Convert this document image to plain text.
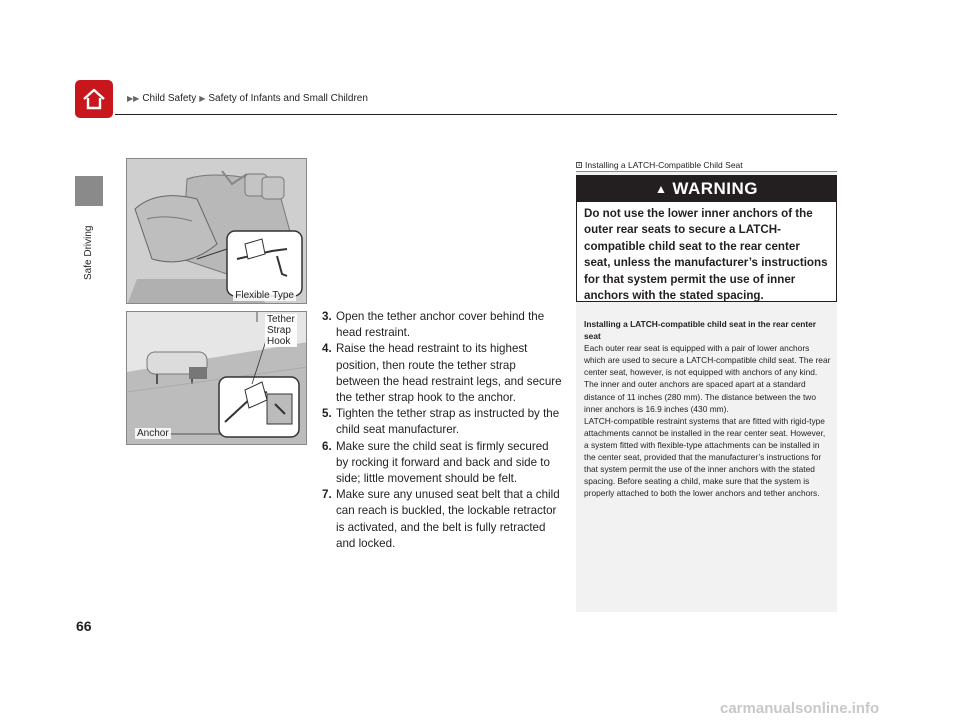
▶▶ Child Safety ▶ Safety of Infants and Small Children
Safe Driving
Flexible Type
Tether
Strap
Hook
Anchor
3. Open the tether anchor cover behind the head restraint.
4. Raise the head restraint to its highest position, then route the tether strap between the head restraint legs, and secure the tether strap hook to the anchor.
5. Tighten the tether strap as instructed by the child seat manufacturer.
6. Make sure the child seat is firmly secured by rocking it forward and back and side to side; little movement should be felt.
7. Make sure any unused seat belt that a child can reach is buckled, the lockable retractor is activated, and the belt is fully retracted and locked.
1 Installing a LATCH-Compatible Child Seat
▲ WARNING
Do not use the lower inner anchors of the outer rear seats to secure a LATCH-compatible child seat to the rear center seat, unless the manufacturer’s instructions for that system permit the use of inner anchors with the stated spacing.
Installing a LATCH-compatible child seat in the rear center seat
Each outer rear seat is equipped with a pair of lower anchors which are used to secure a LATCH-compatible child seat. The rear center seat, however, is not equipped with anchors of any kind. The inner and outer anchors are spaced apart at a standard distance of 11 inches (280 mm). The distance between the two inner anchors is 16.9 inches (430 mm).
LATCH-compatible restraint systems that are fitted with rigid-type attachments cannot be installed in the rear center seat. However, a system fitted with flexible-type attachments can be installed in the center seat, provided that the manufacturer’s instructions for that system permit the use of the inner anchors with the stated spacing. Before seating a child, make sure that the system is properly attached to both the lower anchors and tether anchors.
66
carmanualsonline.info
